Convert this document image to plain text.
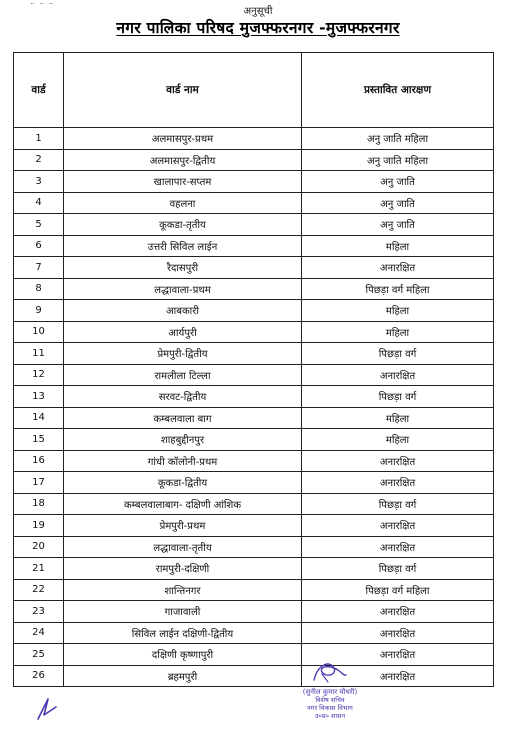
¨ ¨ ¨	अनुसूची
नगर पालिका परिषद मुजफ्फरनगर -मुजफ्फरनगर
वार्ड	वार्ड नाम	प्रस्तावित आरक्षण
1	अलमासपुर-प्रथम	अनु जाति महिला
2	अलमासपुर-द्वितीय	अनु जाति महिला
3	खालापार-सप्तम	अनु जाति
4	वहलना	अनु जाति
5	कूकडा-तृतीय	अनु जाति
6	उत्तरी सिविल लाईन	महिला
7	रैदासपुरी	अनारक्षित
8	लद्धावाला-प्रथम	पिछड़ा वर्ग महिला
9	आबकारी	महिला
10	आर्यपुरी	महिला
11	प्रेमपुरी-द्वितीय	पिछड़ा वर्ग
12	रामलीला टिल्ला	अनारक्षित
13	सरवट-द्वितीय	पिछड़ा वर्ग
14	कम्बलवाला बाग	महिला
15	शाहबुद्दीनपुर	महिला
16	गांधी कॉलोनी-प्रथम	अनारक्षित
17	कूकडा-द्वितीय	अनारक्षित
18	कम्बलवालाबाग- दक्षिणी आंशिक	पिछड़ा वर्ग
19	प्रेमपुरी-प्रथम	अनारक्षित
20	लद्धावाला-तृतीय	अनारक्षित
21	रामपुरी-दक्षिणी	पिछड़ा वर्ग
22	शान्तिनगर	पिछड़ा वर्ग महिला
23	गाजावाली	अनारक्षित
24	सिविल लाईन दक्षिणी-द्वितीय	अनारक्षित
25	दक्षिणी कृष्णापुरी	अनारक्षित
26	ब्रहमपुरी	अनारक्षित
(सुनील कुमार चौधरी)
विशेष सचिव
नगर विकास विभाग
उ०प्र० शासन
